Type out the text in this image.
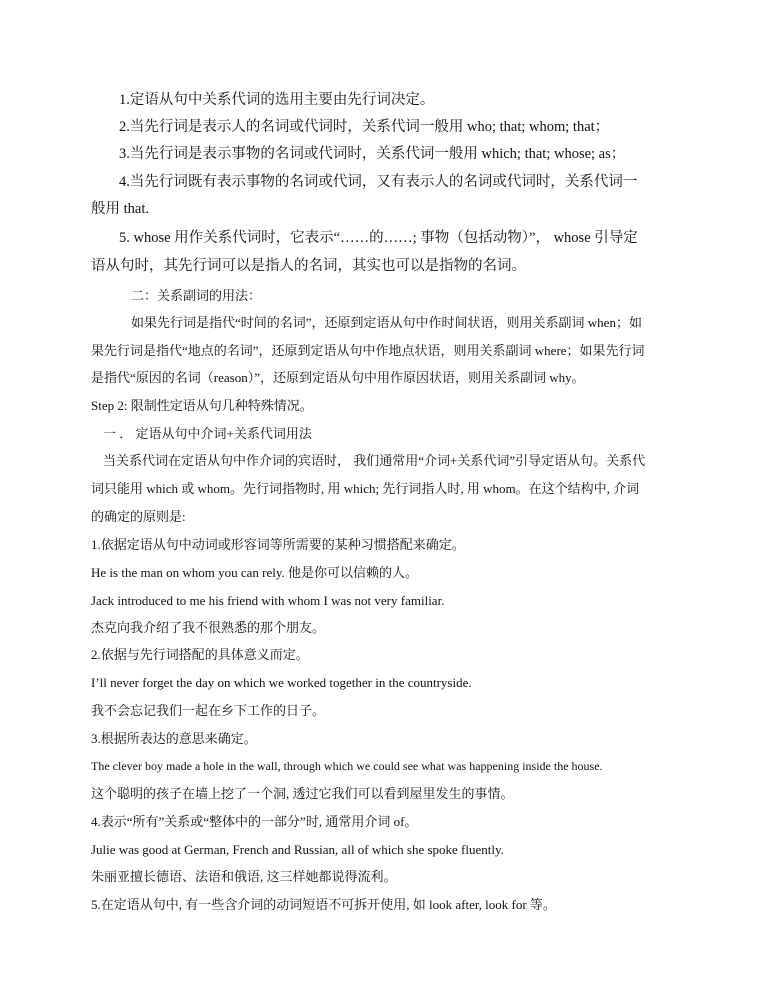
1.定语从句中关系代词的选用主要由先行词决定。

2.当先行词是表示人的名词或代词时，关系代词一般用 who; that; whom; that；

3.当先行词是表示事物的名词或代词时，关系代词一般用 which; that; whose; as；

4.当先行词既有表示事物的名词或代词，又有表示人的名词或代词时，关系代词一

般用 that.

5. whose 用作关系代词时，它表示“……的……; 事物（包括动物）”， whose 引导定

语从句时，其先行词可以是指人的名词，其实也可以是指物的名词。

二：关系副词的用法：

如果先行词是指代“时间的名词”，还原到定语从句中作时间状语，则用关系副词 when；如

果先行词是指代“地点的名词”，还原到定语从句中作地点状语，则用关系副词 where；如果先行词

是指代“原因的名词（reason）”，还原到定语从句中用作原因状语，则用关系副词 why。

Step 2: 限制性定语从句几种特殊情况。

一 ． 定语从句中介词+关系代词用法

当关系代词在定语从句中作介词的宾语时， 我们通常用“介词+关系代词”引导定语从句。关系代

词只能用 which 或 whom。先行词指物时, 用 which; 先行词指人时, 用 whom。在这个结构中, 介词

的确定的原则是:

1.依据定语从句中动词或形容词等所需要的某种习惯搭配来确定。

He is the man on whom you can rely. 他是你可以信赖的人。

Jack introduced to me his friend with whom I was not very familiar.

杰克向我介绍了我不很熟悉的那个朋友。

2.依据与先行词搭配的具体意义而定。

I’ll never forget the day on which we worked together in the countryside.

我不会忘记我们一起在乡下工作的日子。

3.根据所表达的意思来确定。

The clever boy made a hole in the wall, through which we could see what was happening inside the house.

这个聪明的孩子在墙上挖了一个洞, 透过它我们可以看到屋里发生的事情。

4.表示“所有”关系或“整体中的一部分”时, 通常用介词 of。

Julie was good at German, French and Russian, all of which she spoke fluently.

朱丽亚擅长德语、法语和俄语, 这三样她都说得流利。

5.在定语从句中, 有一些含介词的动词短语不可拆开使用, 如 look after, look for 等。
